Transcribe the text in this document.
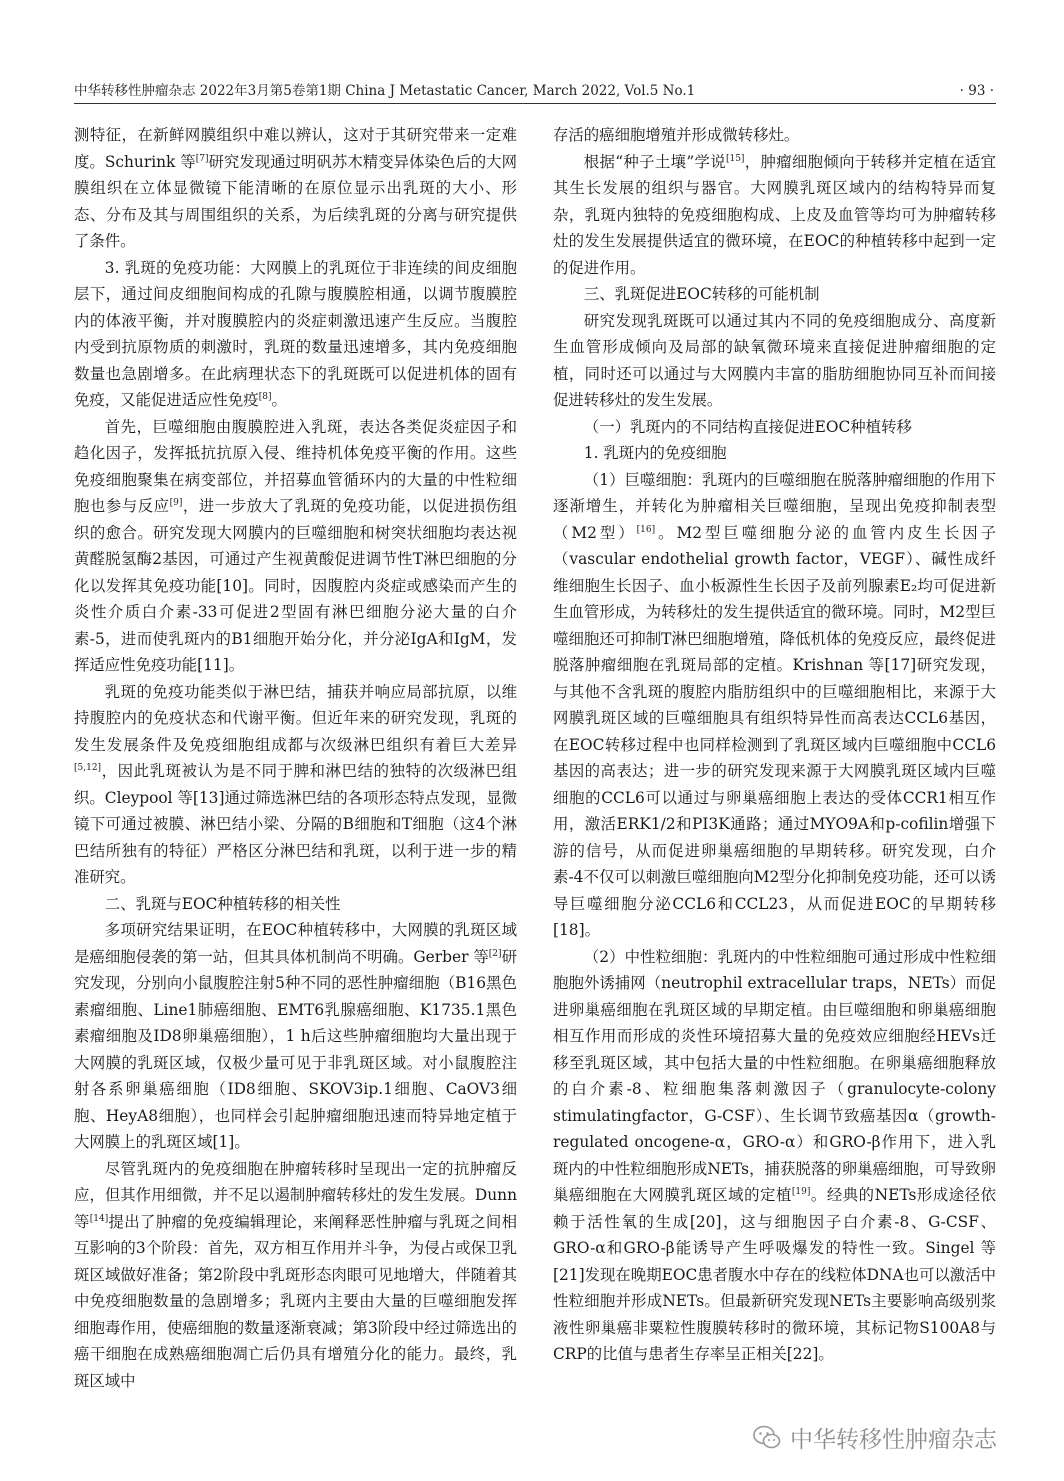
中华转移性肿瘤杂志 2022年3月第5卷第1期 China J Metastatic Cancer, March 2022, Vol.5 No.1	· 93 ·

测特征，在新鲜网膜组织中难以辨认，这对于其研究带来一定难度。Schurink 等[7]研究发现通过明矾苏木精变异体染色后的大网膜组织在立体显微镜下能清晰的在原位显示出乳斑的大小、形态、分布及其与周围组织的关系，为后续乳斑的分离与研究提供了条件。

3. 乳斑的免疫功能：大网膜上的乳斑位于非连续的间皮细胞层下，通过间皮细胞间构成的孔隙与腹膜腔相通，以调节腹膜腔内的体液平衡，并对腹膜腔内的炎症刺激迅速产生反应。当腹腔内受到抗原物质的刺激时，乳斑的数量迅速增多，其内免疫细胞数量也急剧增多。在此病理状态下的乳斑既可以促进机体的固有免疫，又能促进适应性免疫[8]。

首先，巨噬细胞由腹膜腔进入乳斑，表达各类促炎症因子和趋化因子，发挥抵抗抗原入侵、维持机体免疫平衡的作用。这些免疫细胞聚集在病变部位，并招募血管循环内的大量的中性粒细胞也参与反应[9]，进一步放大了乳斑的免疫功能，以促进损伤组织的愈合。研究发现大网膜内的巨噬细胞和树突状细胞均表达视黄醛脱氢酶2基因，可通过产生视黄酸促进调节性T淋巴细胞的分化以发挥其免疫功能[10]。同时，因腹腔内炎症或感染而产生的炎性介质白介素-33可促进2型固有淋巴细胞分泌大量的白介素-5，进而使乳斑内的B1细胞开始分化，并分泌IgA和IgM，发挥适应性免疫功能[11]。

乳斑的免疫功能类似于淋巴结，捕获并响应局部抗原，以维持腹腔内的免疫状态和代谢平衡。但近年来的研究发现，乳斑的发生发展条件及免疫细胞组成都与次级淋巴组织有着巨大差异[5,12]，因此乳斑被认为是不同于脾和淋巴结的独特的次级淋巴组织。Cleypool 等[13]通过筛选淋巴结的各项形态特点发现，显微镜下可通过被膜、淋巴结小梁、分隔的B细胞和T细胞（这4个淋巴结所独有的特征）严格区分淋巴结和乳斑，以利于进一步的精准研究。

二、乳斑与EOC种植转移的相关性

多项研究结果证明，在EOC种植转移中，大网膜的乳斑区域是癌细胞侵袭的第一站，但其具体机制尚不明确。Gerber 等[2]研究发现，分别向小鼠腹腔注射5种不同的恶性肿瘤细胞（B16黑色素瘤细胞、Line1肺癌细胞、EMT6乳腺癌细胞、K1735.1黑色素瘤细胞及ID8卵巢癌细胞），1 h后这些肿瘤细胞均大量出现于大网膜的乳斑区域，仅极少量可见于非乳斑区域。对小鼠腹腔注射各系卵巢癌细胞（ID8细胞、SKOV3ip.1细胞、CaOV3细胞、HeyA8细胞），也同样会引起肿瘤细胞迅速而特异地定植于大网膜上的乳斑区域[1]。

尽管乳斑内的免疫细胞在肿瘤转移时呈现出一定的抗肿瘤反应，但其作用细微，并不足以遏制肿瘤转移灶的发生发展。Dunn 等[14]提出了肿瘤的免疫编辑理论，来阐释恶性肿瘤与乳斑之间相互影响的3个阶段：首先，双方相互作用并斗争，为侵占或保卫乳斑区域做好准备；第2阶段中乳斑形态肉眼可见地增大，伴随着其中免疫细胞数量的急剧增多；乳斑内主要由大量的巨噬细胞发挥细胞毒作用，使癌细胞的数量逐渐衰减；第3阶段中经过筛选出的癌干细胞在成熟癌细胞凋亡后仍具有增殖分化的能力。最终，乳斑区域中

存活的癌细胞增殖并形成微转移灶。

根据“种子土壤”学说[15]，肿瘤细胞倾向于转移并定植在适宜其生长发展的组织与器官。大网膜乳斑区域内的结构特异而复杂，乳斑内独特的免疫细胞构成、上皮及血管等均可为肿瘤转移灶的发生发展提供适宜的微环境，在EOC的种植转移中起到一定的促进作用。

三、乳斑促进EOC转移的可能机制

研究发现乳斑既可以通过其内不同的免疫细胞成分、高度新生血管形成倾向及局部的缺氧微环境来直接促进肿瘤细胞的定植，同时还可以通过与大网膜内丰富的脂肪细胞协同互补而间接促进转移灶的发生发展。

（一）乳斑内的不同结构直接促进EOC种植转移

1. 乳斑内的免疫细胞

（1）巨噬细胞：乳斑内的巨噬细胞在脱落肿瘤细胞的作用下逐渐增生，并转化为肿瘤相关巨噬细胞，呈现出免疫抑制表型（M2型）[16]。M2型巨噬细胞分泌的血管内皮生长因子（vascular endothelial growth factor，VEGF）、碱性成纤维细胞生长因子、血小板源性生长因子及前列腺素E₂均可促进新生血管形成，为转移灶的发生提供适宜的微环境。同时，M2型巨噬细胞还可抑制T淋巴细胞增殖，降低机体的免疫反应，最终促进脱落肿瘤细胞在乳斑局部的定植。Krishnan 等[17]研究发现，与其他不含乳斑的腹腔内脂肪组织中的巨噬细胞相比，来源于大网膜乳斑区域的巨噬细胞具有组织特异性而高表达CCL6基因，在EOC转移过程中也同样检测到了乳斑区域内巨噬细胞中CCL6基因的高表达；进一步的研究发现来源于大网膜乳斑区域内巨噬细胞的CCL6可以通过与卵巢癌细胞上表达的受体CCR1相互作用，激活ERK1/2和PI3K通路；通过MYO9A和p-cofilin增强下游的信号，从而促进卵巢癌细胞的早期转移。研究发现，白介素-4不仅可以刺激巨噬细胞向M2型分化抑制免疫功能，还可以诱导巨噬细胞分泌CCL6和CCL23，从而促进EOC的早期转移[18]。

（2）中性粒细胞：乳斑内的中性粒细胞可通过形成中性粒细胞胞外诱捕网（neutrophil extracellular traps，NETs）而促进卵巢癌细胞在乳斑区域的早期定植。由巨噬细胞和卵巢癌细胞相互作用而形成的炎性环境招募大量的免疫效应细胞经HEVs迁移至乳斑区域，其中包括大量的中性粒细胞。在卵巢癌细胞释放的白介素-8、粒细胞集落刺激因子（granulocyte-colony stimulatingfactor，G-CSF）、生长调节致癌基因α（growth-regulated oncogene-α，GRO-α）和GRO-β作用下，进入乳斑内的中性粒细胞形成NETs，捕获脱落的卵巢癌细胞，可导致卵巢癌细胞在大网膜乳斑区域的定植[19]。经典的NETs形成途径依赖于活性氧的生成[20]，这与细胞因子白介素-8、G-CSF、GRO-α和GRO-β能诱导产生呼吸爆发的特性一致。Singel 等[21]发现在晚期EOC患者腹水中存在的线粒体DNA也可以激活中性粒细胞并形成NETs。但最新研究发现NETs主要影响高级别浆液性卵巢癌非粟粒性腹膜转移时的微环境，其标记物S100A8与CRP的比值与患者生存率呈正相关[22]。

中华转移性肿瘤杂志
